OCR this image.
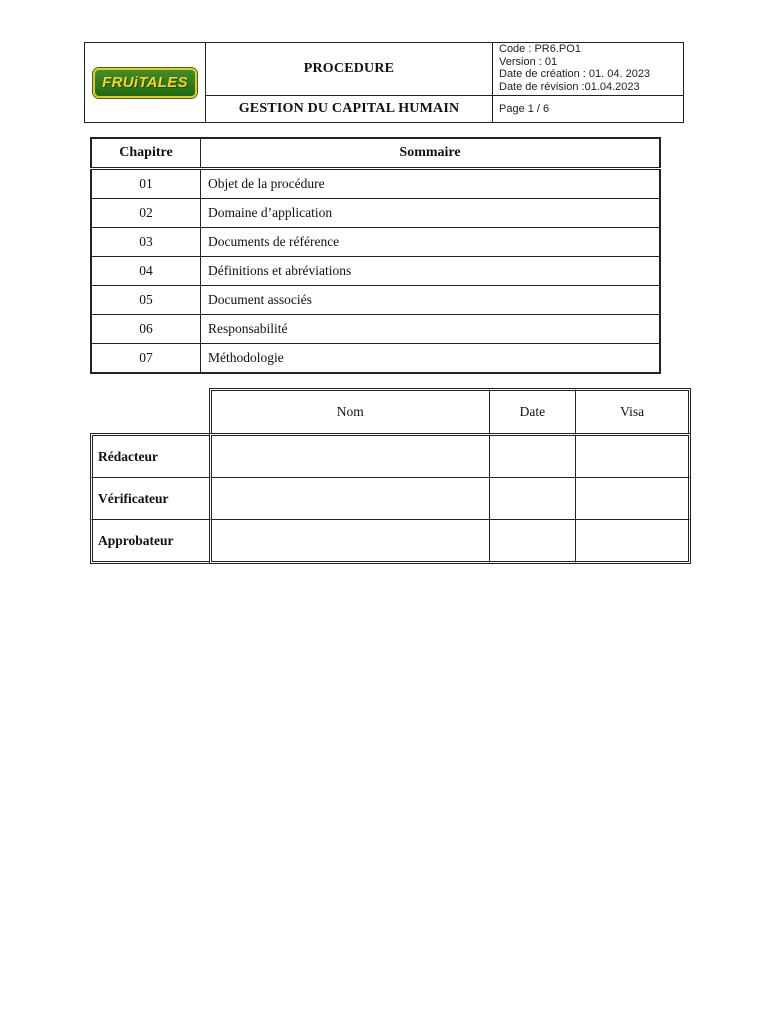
FRUiTALES	PROCEDURE	Code : PR6.PO1
Version : 01
Date de création : 01. 04. 2023
Date de révision :01.04.2023

	GESTION DU CAPITAL HUMAIN	Page 1 / 6
Chapitre	Sommaire
01	Objet de la procédure
02	Domaine d’application
03	Documents de référence
04	Définitions et abréviations
05	Document associés
06	Responsabilité
07	Méthodologie
	Nom	Date	Visa
Rédacteur			
Vérificateur			
Approbateur			
